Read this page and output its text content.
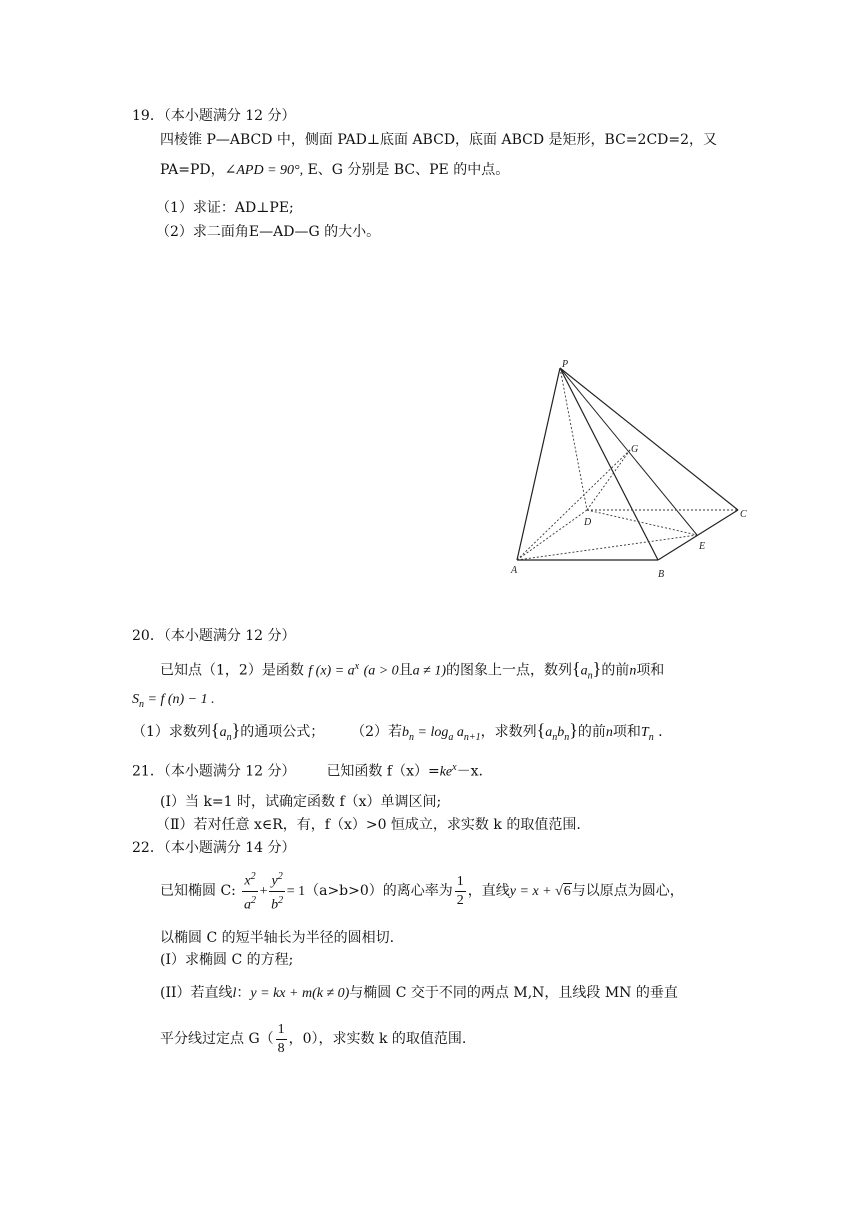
19．（本小题满分 12 分）
四棱锥 P—ABCD 中，侧面 PAD⊥底面 ABCD，底面 ABCD 是矩形，BC=2CD=2，又
PA=PD，∠APD = 90°, E、G 分别是 BC、PE 的中点。
（1）求证：AD⊥PE;
（2）求二面角E—AD—G 的大小。
P
G
D
C
E
A	B
20．（本小题满分 12 分）
已知点（1，2）是函数 f $(x) = a^x$ (a > 0且a ≠ 1)的图象上一点，数列$\{a_n\}$的前n项和
$S_n = f$ (n) − 1 .
（1）求数列$\{a_n\}$的通项公式； （2）若$b_n = \log_a a_{n+1}$，求数列$\{a_nb_n\}$的前n项和$T_n$ .
21．（本小题满分 12 分） 已知函数 $f(x)=ke^x-x$.
(I）当 k=1 时，试确定函数 f（x）单调区间;
（Ⅱ）若对任意 x∈R，有，f（x）>0 恒成立，求实数 k 的取值范围.
22．（本小题满分 14 分）
已知椭圆 C: $\frac{x^2}{a^2} + \frac{y^2}{b^2} = 1(a>b>0)$的离心率为 $\frac{1}{2}$ ，直线y = x + √6与以原点为圆心，
以椭圆 C 的短半轴长为半径的圆相切.
(I）求椭圆 C 的方程;
(II）若直线l：y = kx + m(k ≠ 0)与椭圆 C 交于不同的两点 M,N，且线段 MN 的垂直
平分线过定点 $G( \frac{1}{8}$ ，0），求实数 k 的取值范围.
